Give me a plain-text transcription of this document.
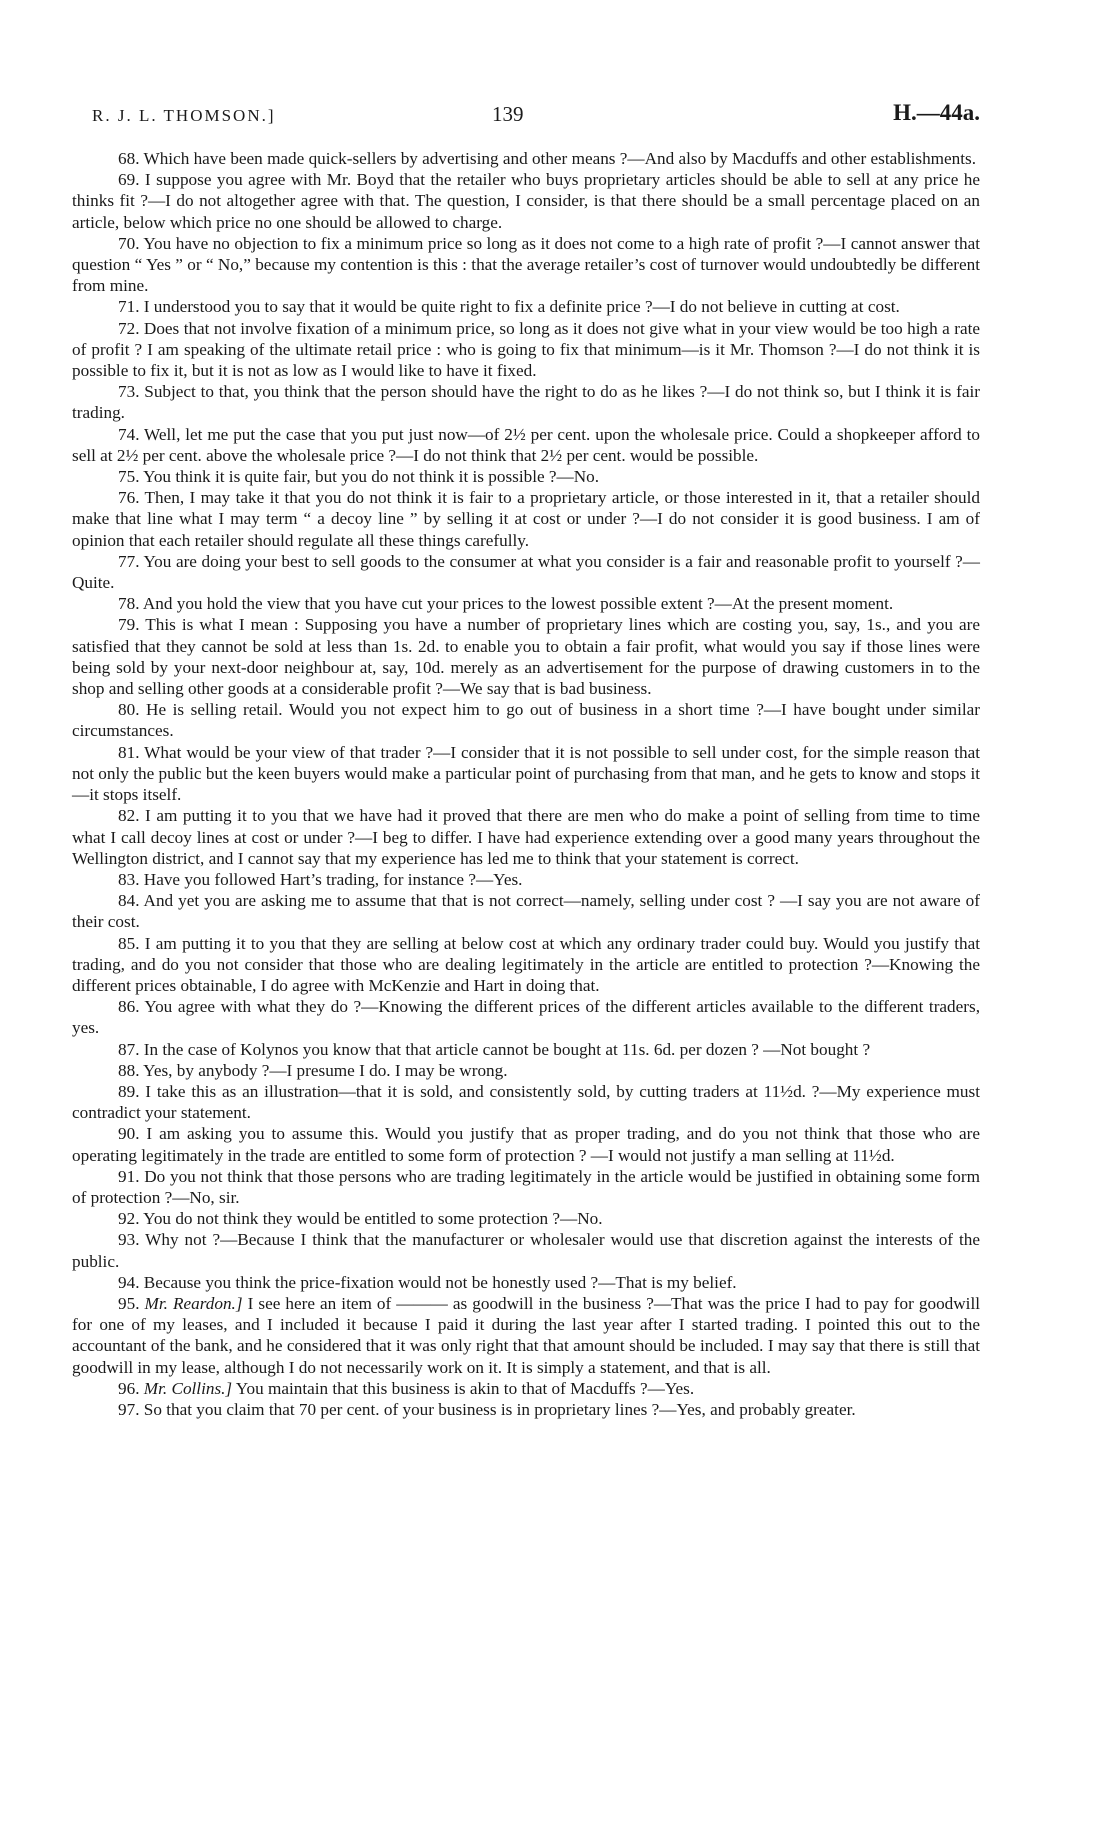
R. J. L. THOMSON.]	139	H.—44a.

68. Which have been made quick-sellers by advertising and other means ?—And also by Macduffs and other establishments.

69. I suppose you agree with Mr. Boyd that the retailer who buys proprietary articles should be able to sell at any price he thinks fit ?—I do not altogether agree with that. The question, I consider, is that there should be a small percentage placed on an article, below which price no one should be allowed to charge.

70. You have no objection to fix a minimum price so long as it does not come to a high rate of profit ?—I cannot answer that question “ Yes ” or “ No,” because my contention is this : that the average retailer’s cost of turnover would undoubtedly be different from mine.

71. I understood you to say that it would be quite right to fix a definite price ?—I do not believe in cutting at cost.

72. Does that not involve fixation of a minimum price, so long as it does not give what in your view would be too high a rate of profit ? I am speaking of the ultimate retail price : who is going to fix that minimum—is it Mr. Thomson ?—I do not think it is possible to fix it, but it is not as low as I would like to have it fixed.

73. Subject to that, you think that the person should have the right to do as he likes ?—I do not think so, but I think it is fair trading.

74. Well, let me put the case that you put just now—of 2½ per cent. upon the wholesale price. Could a shopkeeper afford to sell at 2½ per cent. above the wholesale price ?—I do not think that 2½ per cent. would be possible.

75. You think it is quite fair, but you do not think it is possible ?—No.

76. Then, I may take it that you do not think it is fair to a proprietary article, or those interested in it, that a retailer should make that line what I may term “ a decoy line ” by selling it at cost or under ?—I do not consider it is good business. I am of opinion that each retailer should regulate all these things carefully.

77. You are doing your best to sell goods to the consumer at what you consider is a fair and reasonable profit to yourself ?—Quite.

78. And you hold the view that you have cut your prices to the lowest possible extent ?—At the present moment.

79. This is what I mean : Supposing you have a number of proprietary lines which are costing you, say, 1s., and you are satisfied that they cannot be sold at less than 1s. 2d. to enable you to obtain a fair profit, what would you say if those lines were being sold by your next-door neighbour at, say, 10d. merely as an advertisement for the purpose of drawing customers in to the shop and selling other goods at a considerable profit ?—We say that is bad business.

80. He is selling retail. Would you not expect him to go out of business in a short time ?—I have bought under similar circumstances.

81. What would be your view of that trader ?—I consider that it is not possible to sell under cost, for the simple reason that not only the public but the keen buyers would make a particular point of purchasing from that man, and he gets to know and stops it—it stops itself.

82. I am putting it to you that we have had it proved that there are men who do make a point of selling from time to time what I call decoy lines at cost or under ?—I beg to differ. I have had experience extending over a good many years throughout the Wellington district, and I cannot say that my experience has led me to think that your statement is correct.

83. Have you followed Hart’s trading, for instance ?—Yes.

84. And yet you are asking me to assume that that is not correct—namely, selling under cost ? —I say you are not aware of their cost.

85. I am putting it to you that they are selling at below cost at which any ordinary trader could buy. Would you justify that trading, and do you not consider that those who are dealing legitimately in the article are entitled to protection ?—Knowing the different prices obtainable, I do agree with McKenzie and Hart in doing that.

86. You agree with what they do ?—Knowing the different prices of the different articles available to the different traders, yes.

87. In the case of Kolynos you know that that article cannot be bought at 11s. 6d. per dozen ? —Not bought ?

88. Yes, by anybody ?—I presume I do. I may be wrong.

89. I take this as an illustration—that it is sold, and consistently sold, by cutting traders at 11½d. ?—My experience must contradict your statement.

90. I am asking you to assume this. Would you justify that as proper trading, and do you not think that those who are operating legitimately in the trade are entitled to some form of protection ? —I would not justify a man selling at 11½d.

91. Do you not think that those persons who are trading legitimately in the article would be justified in obtaining some form of protection ?—No, sir.

92. You do not think they would be entitled to some protection ?—No.

93. Why not ?—Because I think that the manufacturer or wholesaler would use that discretion against the interests of the public.

94. Because you think the price-fixation would not be honestly used ?—That is my belief.

95. Mr. Reardon.] I see here an item of ——— as goodwill in the business ?—That was the price I had to pay for goodwill for one of my leases, and I included it because I paid it during the last year after I started trading. I pointed this out to the accountant of the bank, and he considered that it was only right that that amount should be included. I may say that there is still that goodwill in my lease, although I do not necessarily work on it. It is simply a statement, and that is all.

96. Mr. Collins.] You maintain that this business is akin to that of Macduffs ?—Yes.

97. So that you claim that 70 per cent. of your business is in proprietary lines ?—Yes, and probably greater.
